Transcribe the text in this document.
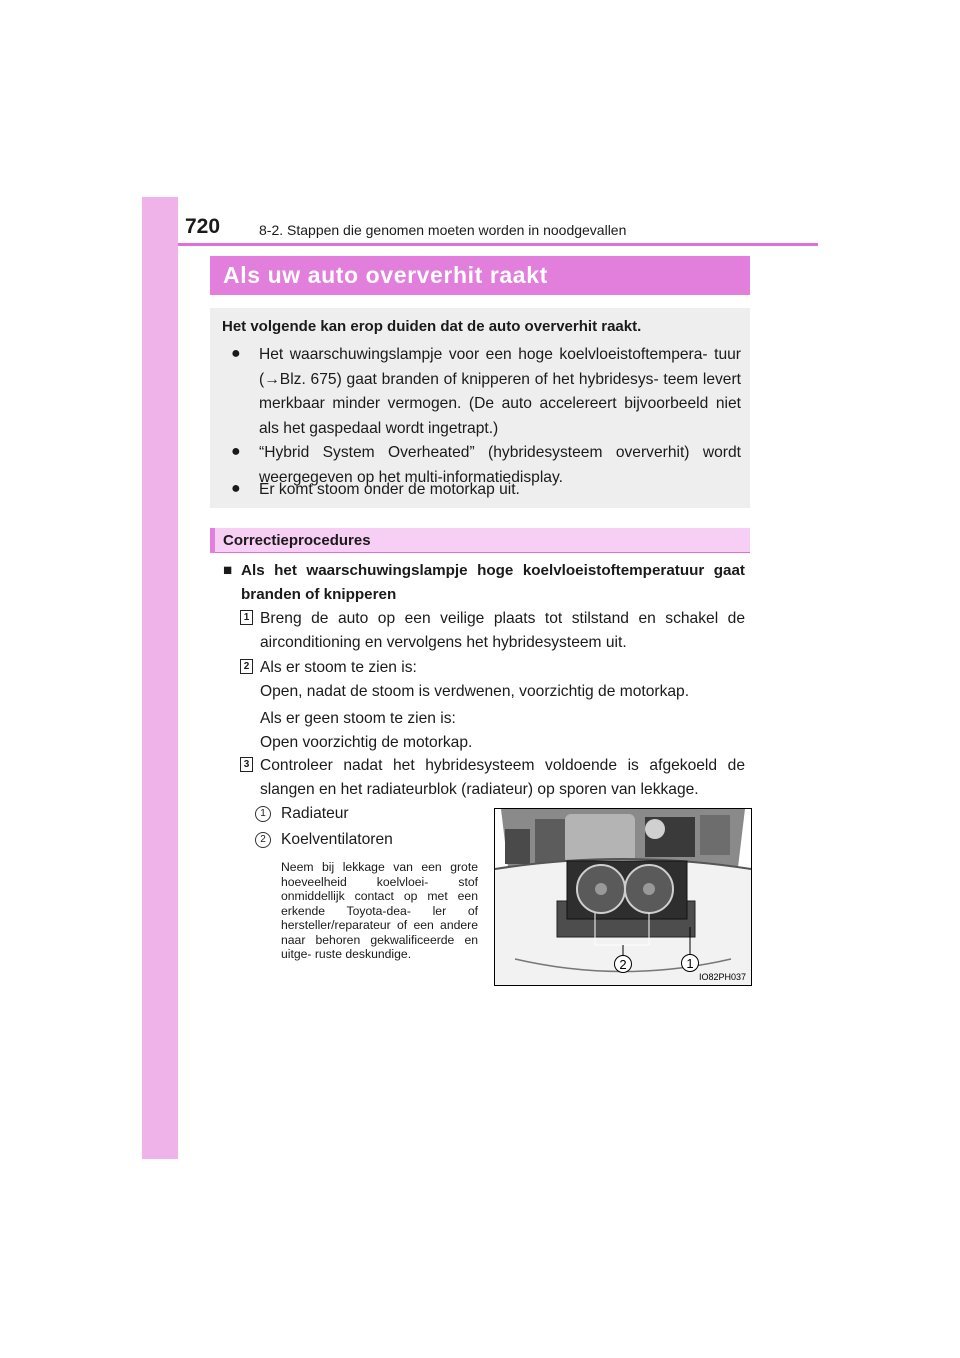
720	8-2. Stappen die genomen moeten worden in noodgevallen
Als uw auto oververhit raakt
Het volgende kan erop duiden dat de auto oververhit raakt.
● Het waarschuwingslampje voor een hoge koelvloeistoftempera- tuur (→Blz. 675) gaat branden of knipperen of het hybridesys- teem levert merkbaar minder vermogen. (De auto accelereert bijvoorbeeld niet als het gaspedaal wordt ingetrapt.)
● “Hybrid System Overheated” (hybridesysteem oververhit) wordt weergegeven op het multi-informatiedisplay.
● Er komt stoom onder de motorkap uit.
Correctieprocedures
■ Als het waarschuwingslampje hoge koelvloeistoftemperatuur gaat branden of knipperen
1 Breng de auto op een veilige plaats tot stilstand en schakel de airconditioning en vervolgens het hybridesysteem uit.
2 Als er stoom te zien is:
Open, nadat de stoom is verdwenen, voorzichtig de motorkap.
Als er geen stoom te zien is:
Open voorzichtig de motorkap.
3 Controleer nadat het hybridesysteem voldoende is afgekoeld de slangen en het radiateurblok (radiateur) op sporen van lekkage.
1 Radiateur
2 Koelventilatoren
Neem bij lekkage van een grote hoeveelheid koelvloei- stof onmiddellijk contact op met een erkende Toyota-dea- ler of hersteller/reparateur of een andere naar behoren gekwalificeerde en uitge- ruste deskundige.
2	1
IO82PH037
